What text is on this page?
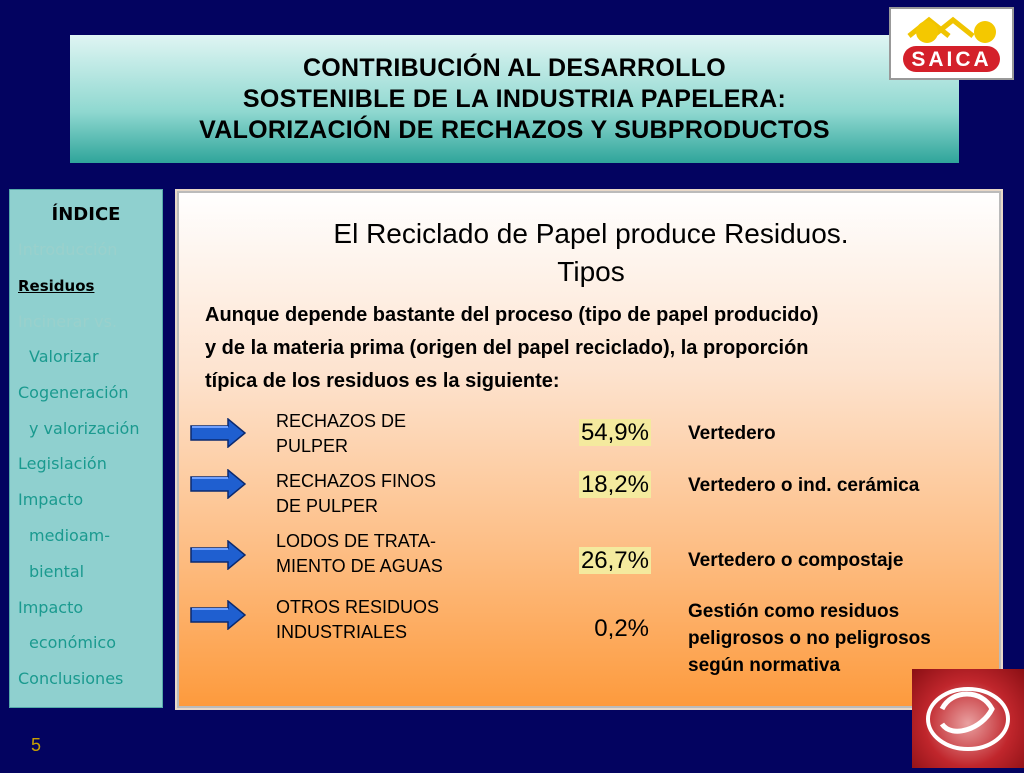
CONTRIBUCIÓN AL DESARROLLO
SOSTENIBLE DE LA INDUSTRIA PAPELERA:
VALORIZACIÓN DE RECHAZOS Y SUBPRODUCTOS
SAICA
ÍNDICE
Introducción
Residuos
Incinerar vs.
Valorizar
Cogeneración
y valorización
Legislación
Impacto
medioam-
biental
Impacto
económico
Conclusiones
El Reciclado de Papel produce Residuos.
Tipos
Aunque depende bastante del proceso (tipo de papel producido)
y de la materia prima (origen del papel reciclado), la proporción
típica de los residuos es la siguiente:
RECHAZOS DE
PULPER	54,9% Vertedero
RECHAZOS FINOS
DE PULPER
18,2% Vertedero o ind. cerámica
LODOS DE TRATA-
MIENTO DE AGUAS	26,7% Vertedero o compostaje
OTROS RESIDUOS
INDUSTRIALES	0,2%
Gestión como residuos
peligrosos o no peligrosos
según normativa
5
